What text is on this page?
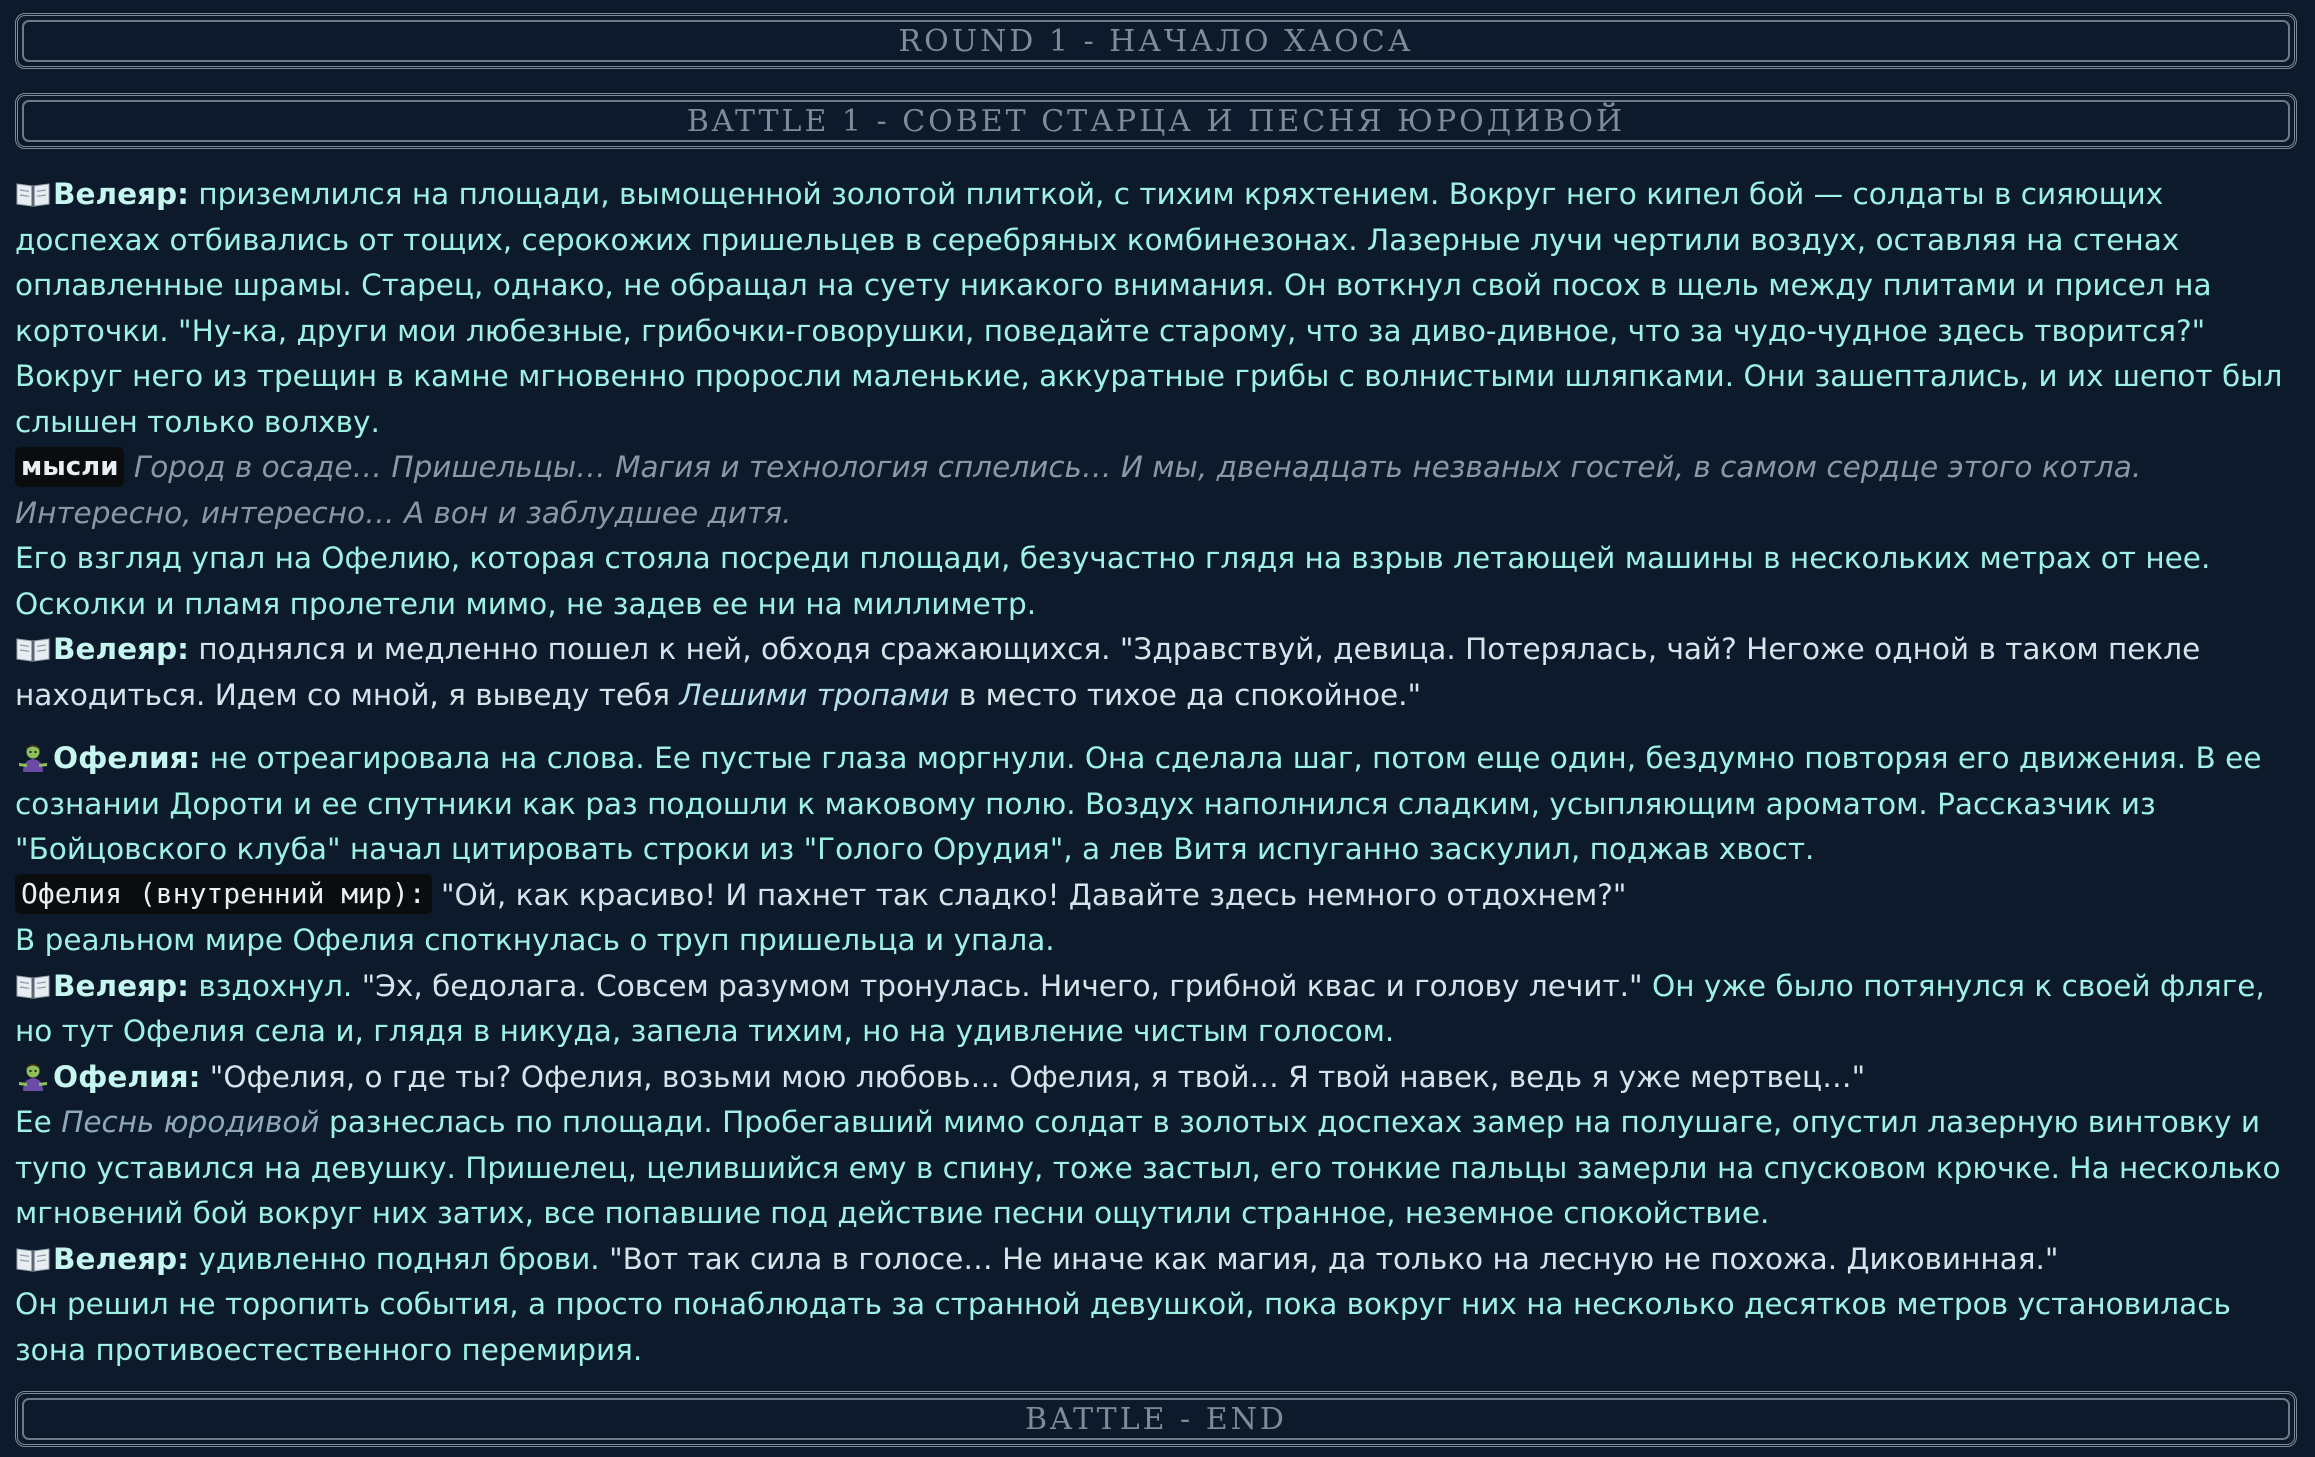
ROUND 1 - НАЧАЛО ХАОСА
BATTLE 1 - СОВЕТ СТАРЦА И ПЕСНЯ ЮРОДИВОЙ

Велеяр: приземлился на площади, вымощенной золотой плиткой, с тихим кряхтением. Вокруг него кипел бой — солдаты в сияющих доспехах отбивались от тощих, серокожих пришельцев в серебряных комбинезонах. Лазерные лучи чертили воздух, оставляя на стенах оплавленные шрамы. Старец, однако, не обращал на суету никакого внимания. Он воткнул свой посох в щель между плитами и присел на корточки. "Ну-ка, други мои любезные, грибочки-говорушки, поведайте старому, что за диво-дивное, что за чудо-чудное здесь творится?" Вокруг него из трещин в камне мгновенно проросли маленькие, аккуратные грибы с волнистыми шляпками. Они зашептались, и их шепот был слышен только волхву.

мысли Город в осаде… Пришельцы… Магия и технология сплелись… И мы, двенадцать незваных гостей, в самом сердце этого котла. Интересно, интересно… А вон и заблудшее дитя.

Его взгляд упал на Офелию, которая стояла посреди площади, безучастно глядя на взрыв летающей машины в нескольких метрах от нее. Осколки и пламя пролетели мимо, не задев ее ни на миллиметр.

Велеяр: поднялся и медленно пошел к ней, обходя сражающихся. "Здравствуй, девица. Потерялась, чай? Негоже одной в таком пекле находиться. Идем со мной, я выведу тебя Лешими тропами в место тихое да спокойное."

Офелия: не отреагировала на слова. Ее пустые глаза моргнули. Она сделала шаг, потом еще один, бездумно повторяя его движения. В ее сознании Дороти и ее спутники как раз подошли к маковому полю. Воздух наполнился сладким, усыпляющим ароматом. Рассказчик из "Бойцовского клуба" начал цитировать строки из "Голого Орудия", а лев Витя испуганно заскулил, поджав хвост.

Офелия (внутренний мир): "Ой, как красиво! И пахнет так сладко! Давайте здесь немного отдохнем?"

В реальном мире Офелия споткнулась о труп пришельца и упала.

Велеяр: вздохнул. "Эх, бедолага. Совсем разумом тронулась. Ничего, грибной квас и голову лечит." Он уже было потянулся к своей фляге, но тут Офелия села и, глядя в никуда, запела тихим, но на удивление чистым голосом.

Офелия: "Офелия, о где ты? Офелия, возьми мою любовь… Офелия, я твой… Я твой навек, ведь я уже мертвец…"

Ее Песнь юродивой разнеслась по площади. Пробегавший мимо солдат в золотых доспехах замер на полушаге, опустил лазерную винтовку и тупо уставился на девушку. Пришелец, целившийся ему в спину, тоже застыл, его тонкие пальцы замерли на спусковом крючке. На несколько мгновений бой вокруг них затих, все попавшие под действие песни ощутили странное, неземное спокойствие.

Велеяр: удивленно поднял брови. "Вот так сила в голосе… Не иначе как магия, да только на лесную не похожа. Диковинная."

Он решил не торопить события, а просто понаблюдать за странной девушкой, пока вокруг них на несколько десятков метров установилась зона противоестественного перемирия.

BATTLE - END
